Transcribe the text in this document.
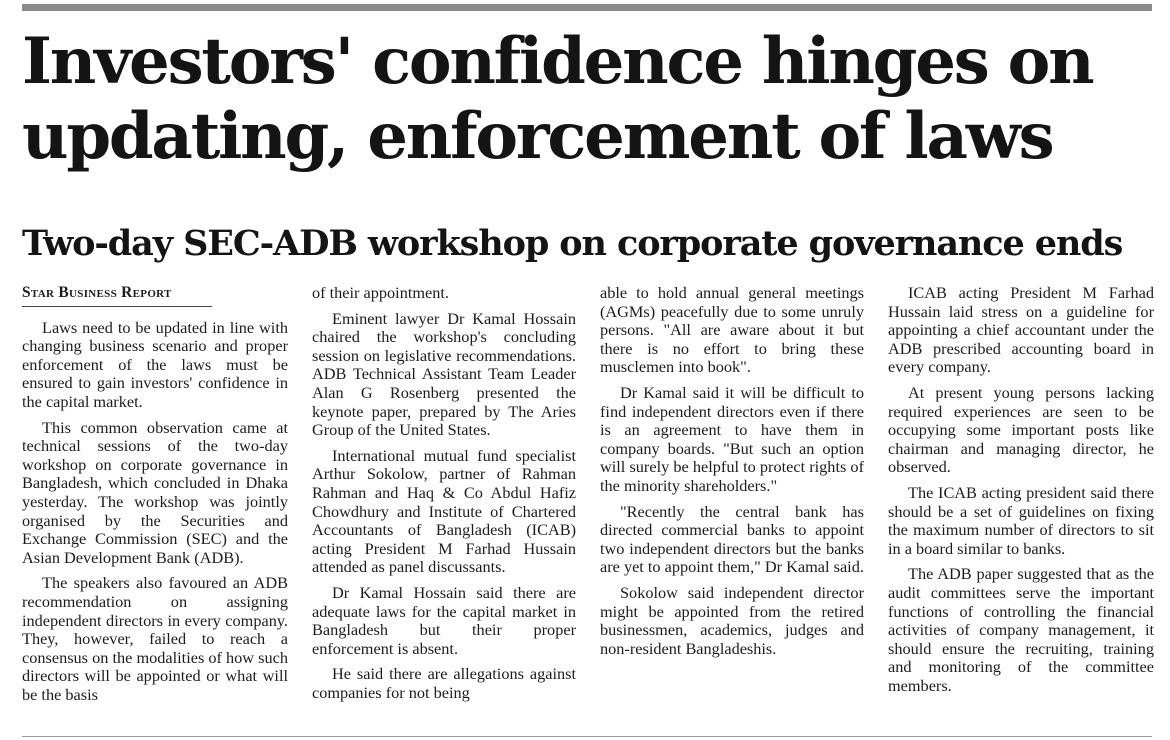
Investors' confidence hinges on
updating, enforcement of laws
Two-day SEC-ADB workshop on corporate governance ends
Star Business Report

Laws need to be updated in line with changing business scenario and proper enforcement of the laws must be ensured to gain investors' confidence in the capital market.

This common observation came at technical sessions of the two-day workshop on corporate governance in Bangladesh, which concluded in Dhaka yesterday. The workshop was jointly organised by the Securities and Exchange Commission (SEC) and the Asian Development Bank (ADB).

The speakers also favoured an ADB recommendation on assigning independent directors in every company. They, however, failed to reach a consensus on the modalities of how such directors will be appointed or what will be the basis

of their appointment.

Eminent lawyer Dr Kamal Hossain chaired the workshop's concluding session on legislative recommendations. ADB Technical Assistant Team Leader Alan G Rosenberg presented the keynote paper, prepared by The Aries Group of the United States.

International mutual fund specialist Arthur Sokolow, partner of Rahman Rahman and Haq & Co Abdul Hafiz Chowdhury and Institute of Chartered Accountants of Bangladesh (ICAB) acting President M Farhad Hussain attended as panel discussants.

Dr Kamal Hossain said there are adequate laws for the capital market in Bangladesh but their proper enforcement is absent.

He said there are allegations against companies for not being

able to hold annual general meetings (AGMs) peacefully due to some unruly persons. "All are aware about it but there is no effort to bring these musclemen into book".

Dr Kamal said it will be difficult to find independent directors even if there is an agreement to have them in company boards. "But such an option will surely be helpful to protect rights of the minority shareholders."

"Recently the central bank has directed commercial banks to appoint two independent directors but the banks are yet to appoint them," Dr Kamal said.

Sokolow said independent director might be appointed from the retired businessmen, academics, judges and non-resident Bangladeshis.

ICAB acting President M Farhad Hussain laid stress on a guideline for appointing a chief accountant under the ADB prescribed accounting board in every company.

At present young persons lacking required experiences are seen to be occupying some important posts like chairman and managing director, he observed.

The ICAB acting president said there should be a set of guidelines on fixing the maximum number of directors to sit in a board similar to banks.

The ADB paper suggested that as the audit committees serve the important functions of controlling the financial activities of company management, it should ensure the recruiting, training and monitoring of the committee members.
